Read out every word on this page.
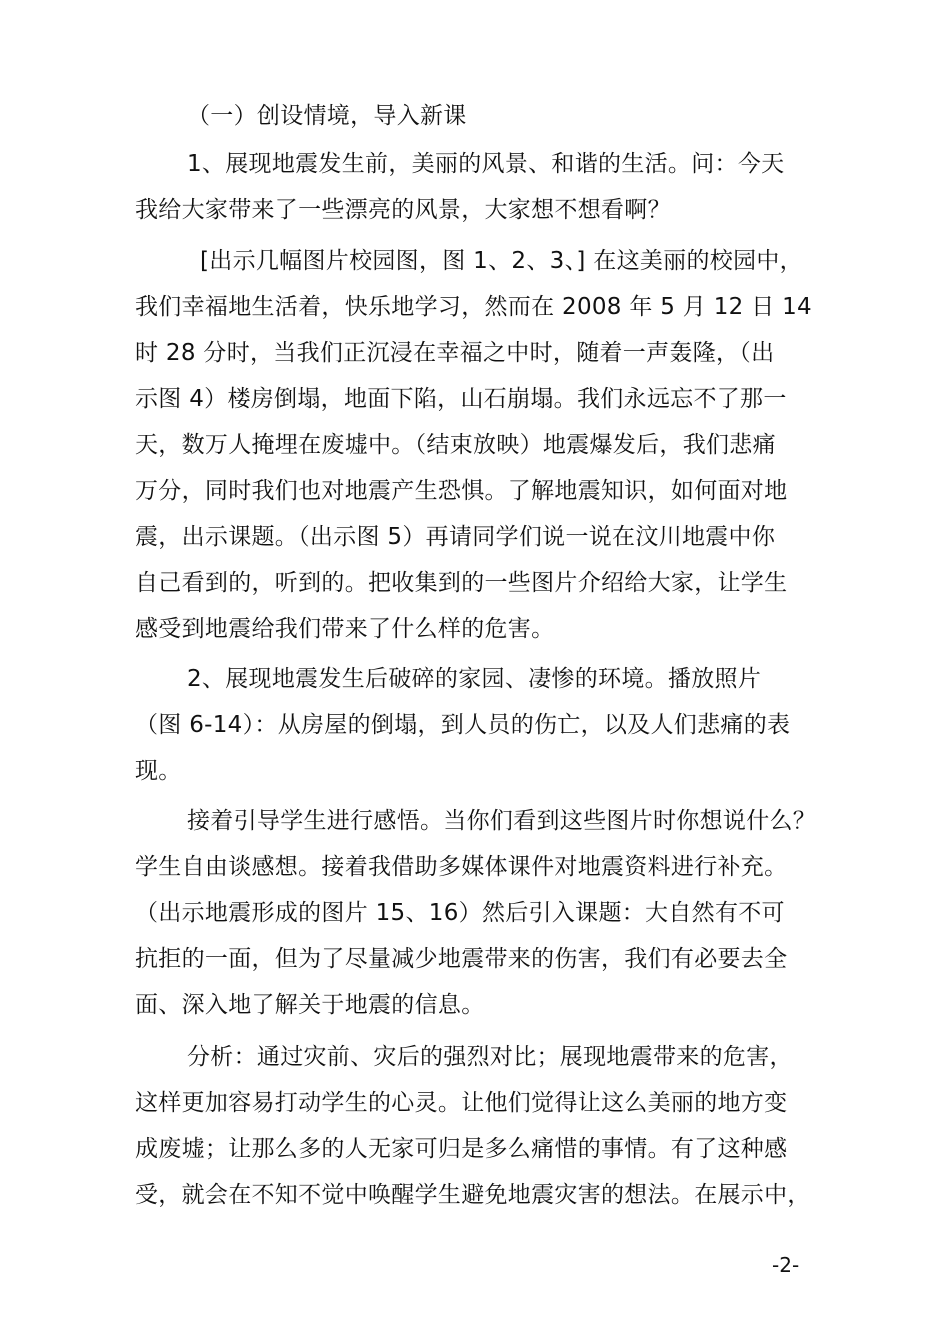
（一）创设情境，导入新课
1、展现地震发生前，美丽的风景、和谐的生活。问：今天
我给大家带来了一些漂亮的风景，大家想不想看啊？
[出示几幅图片校园图，图 1、2、3、] 在这美丽的校园中，
我们幸福地生活着，快乐地学习，然而在 2008 年 5 月 12 日 14
时 28 分时，当我们正沉浸在幸福之中时，随着一声轰隆，（出
示图 4）楼房倒塌，地面下陷，山石崩塌。我们永远忘不了那一
天，数万人掩埋在废墟中。（结束放映）地震爆发后，我们悲痛
万分，同时我们也对地震产生恐惧。了解地震知识，如何面对地
震，出示课题。（出示图 5）再请同学们说一说在汶川地震中你
自己看到的，听到的。把收集到的一些图片介绍给大家，让学生
感受到地震给我们带来了什么样的危害。
2、展现地震发生后破碎的家园、凄惨的环境。播放照片
（图 6-14）：从房屋的倒塌，到人员的伤亡，以及人们悲痛的表
现。
接着引导学生进行感悟。当你们看到这些图片时你想说什么？
学生自由谈感想。接着我借助多媒体课件对地震资料进行补充。
（出示地震形成的图片 15、16）然后引入课题：大自然有不可
抗拒的一面，但为了尽量减少地震带来的伤害，我们有必要去全
面、深入地了解关于地震的信息。
分析：通过灾前、灾后的强烈对比；展现地震带来的危害，
这样更加容易打动学生的心灵。让他们觉得让这么美丽的地方变
成废墟；让那么多的人无家可归是多么痛惜的事情。有了这种感
受，就会在不知不觉中唤醒学生避免地震灾害的想法。在展示中，
-2-
